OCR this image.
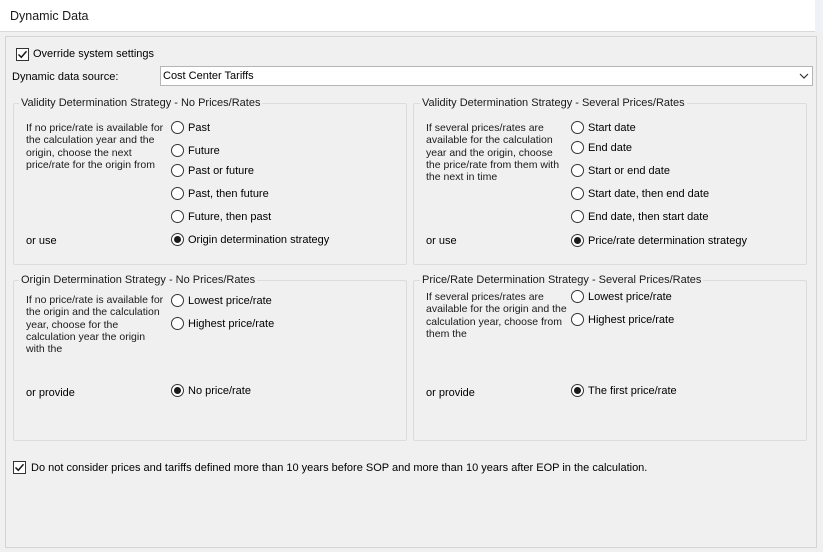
Dynamic Data
Override system settings
Dynamic data source:	Cost Center Tariffs
Validity Determination Strategy - No Prices/Rates
If no price/rate is available for the calculation year and the origin, choose the next price/rate for the origin from
Past
Future
Past or future
Past, then future
Future, then past
or use	Origin determination strategy
Validity Determination Strategy - Several Prices/Rates
If several prices/rates are available for the calculation year and the origin, choose the price/rate from them with the next in time
Start date
End date
Start or end date
Start date, then end date
End date, then start date
or use	Price/rate determination strategy
Origin Determination Strategy - No Prices/Rates
If no price/rate is available for the origin and the calculation year, choose for the calculation year the origin with the
Lowest price/rate
Highest price/rate
or provide	No price/rate
Price/Rate Determination Strategy - Several Prices/Rates
If several prices/rates are available for the origin and the calculation year, choose from them the
Lowest price/rate
Highest price/rate
or provide	The first price/rate
Do not consider prices and tariffs defined more than 10 years before SOP and more than 10 years after EOP in the calculation.
